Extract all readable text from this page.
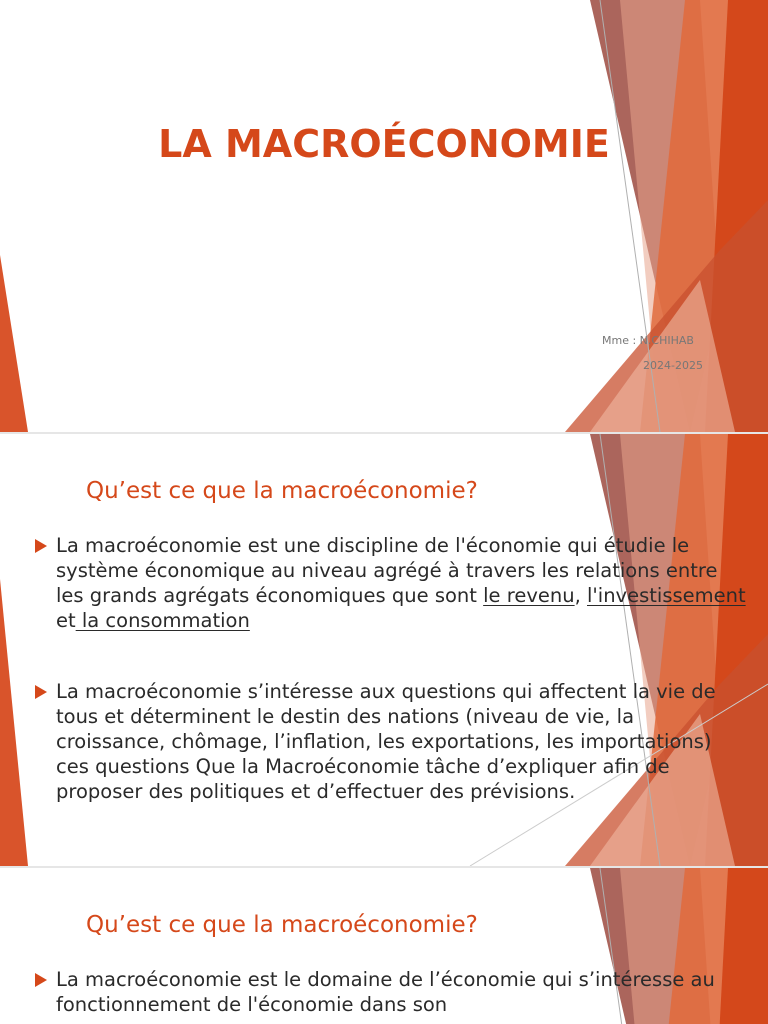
LA MACROÉCONOMIE
Mme : N.CHIHAB
2024-2025
Qu’est ce que la macroéconomie?
La macroéconomie est une discipline de l'économie qui étudie le système économique au niveau agrégé à travers les relations entre les grands agrégats économiques que sont le revenu, l'investissement et la consommation
La macroéconomie s’intéresse aux questions qui affectent la vie de tous et déterminent le destin des nations (niveau de vie, la croissance, chômage, l’inflation, les exportations, les importations) ces questions Que la Macroéconomie tâche d’expliquer afin de proposer des politiques et d’effectuer des prévisions.
Qu’est ce que la macroéconomie?
La macroéconomie est le domaine de l’économie qui s’intéresse au fonctionnement de l'économie dans son
